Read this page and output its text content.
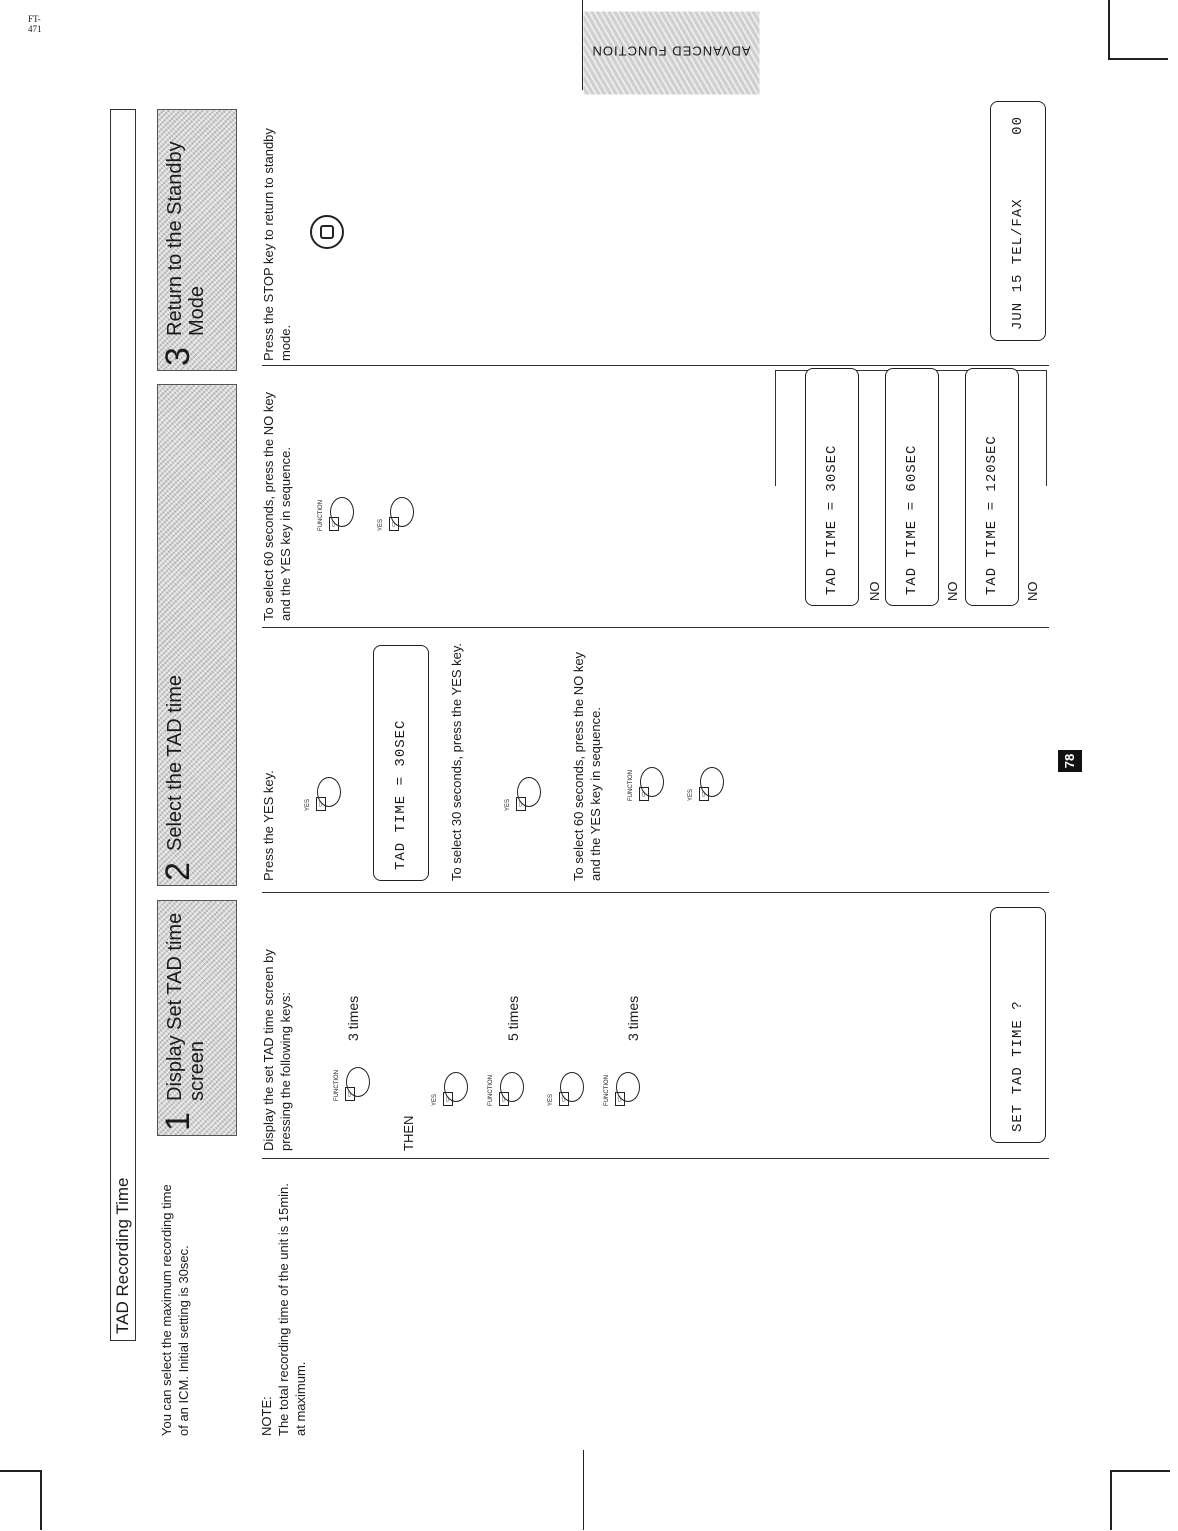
FT-471
TAD Recording Time You can select the maximum recording time of an ICM. Initial setting is 30sec.	NOTE: The total recording time of the unit is 15min. at maximum.
1
Display Set TAD time screen
2
Select the TAD time
3
Return to the Standby Mode
Display the set TAD time screen by pressing the following keys:	FUNCTION	▭
3 times
THEN
YES	▭	FUNCTION	▭
5 times
YES	▭	FUNCTION	▭
3 times	SET TAD TIME ?
Press the YES key.	YES	▭	TAD TIME = 30SEC	To select 30 seconds, press the YES key.	YES	▭	To select 60 seconds, press the NO key and the YES key in sequence.	FUNCTION	▭	YES	▭
To select 60 seconds, press the NO key and the YES key in sequence.	FUNCTION	▭	YES	▭	TAD TIME = 30SEC	NO	TAD TIME = 60SEC	NO	TAD TIME = 120SEC	NO
Press the STOP key to return to standby mode.
JUN 15 TEL/FAX
00
ADVANCED FUNCTION
78
